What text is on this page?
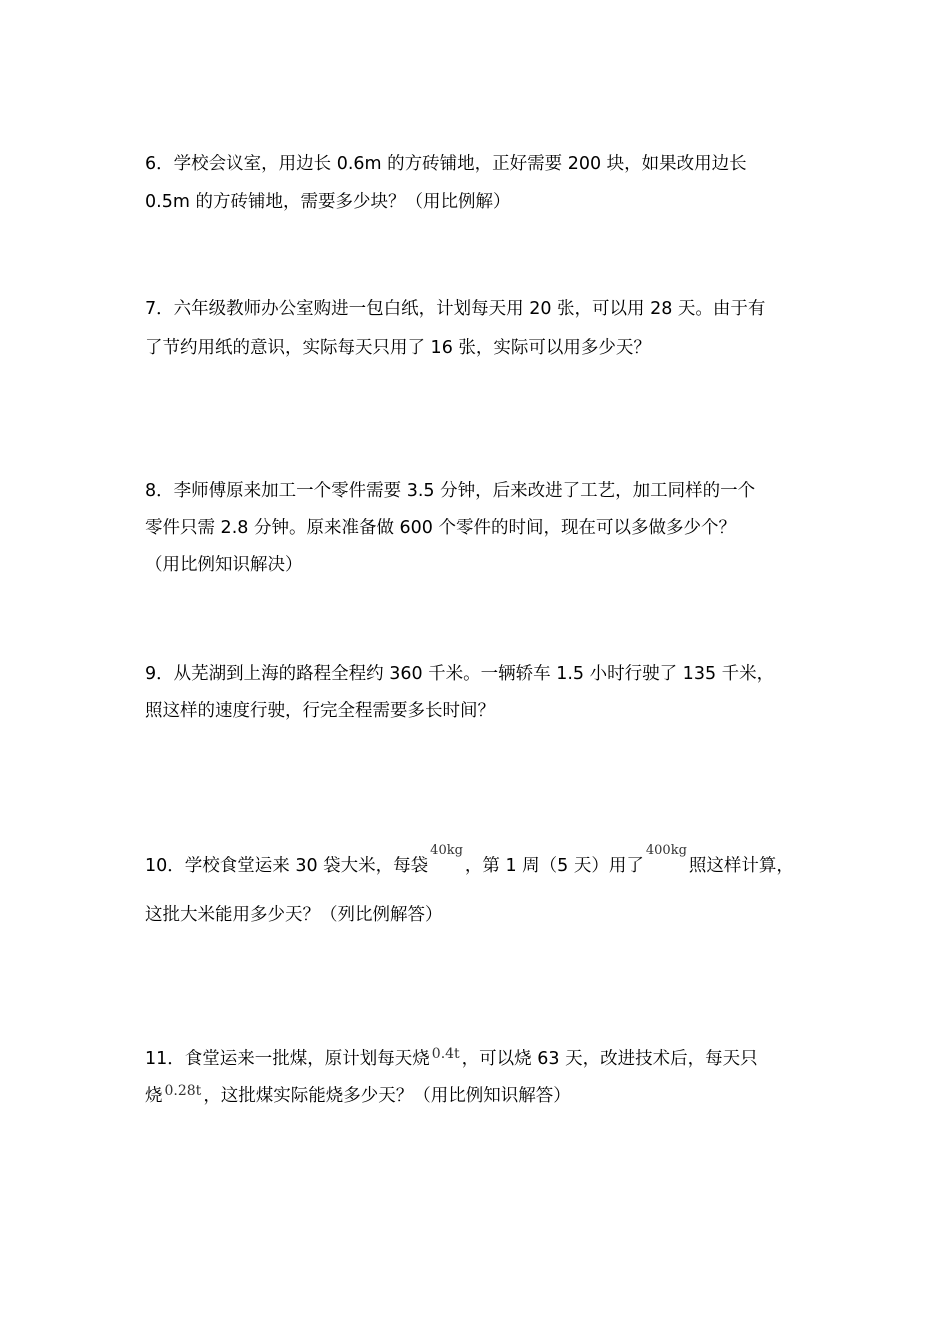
6．学校会议室，用边长 0.6m 的方砖铺地，正好需要 200 块，如果改用边长
0.5m 的方砖铺地，需要多少块？（用比例解）
7．六年级教师办公室购进一包白纸，计划每天用 20 张，可以用 28 天。由于有
了节约用纸的意识，实际每天只用了 16 张，实际可以用多少天？
8．李师傅原来加工一个零件需要 3.5 分钟，后来改进了工艺，加工同样的一个
零件只需 2.8 分钟。原来准备做 600 个零件的时间，现在可以多做多少个？
（用比例知识解决）
9．从芜湖到上海的路程全程约 360 千米。一辆轿车 1.5 小时行驶了 135 千米，
照这样的速度行驶，行完全程需要多长时间？
10．学校食堂运来 30 袋大米，每袋$^{40kg}$，第 1 周（5 天）用了$^{400kg}$照这样计算，
这批大米能用多少天？（列比例解答）
11．食堂运来一批煤，原计划每天烧 $^{0.4t}$ ，可以烧 63 天，改进技术后，每天只
烧 $^{0.28t}$ ，这批煤实际能烧多少天？（用比例知识解答）
